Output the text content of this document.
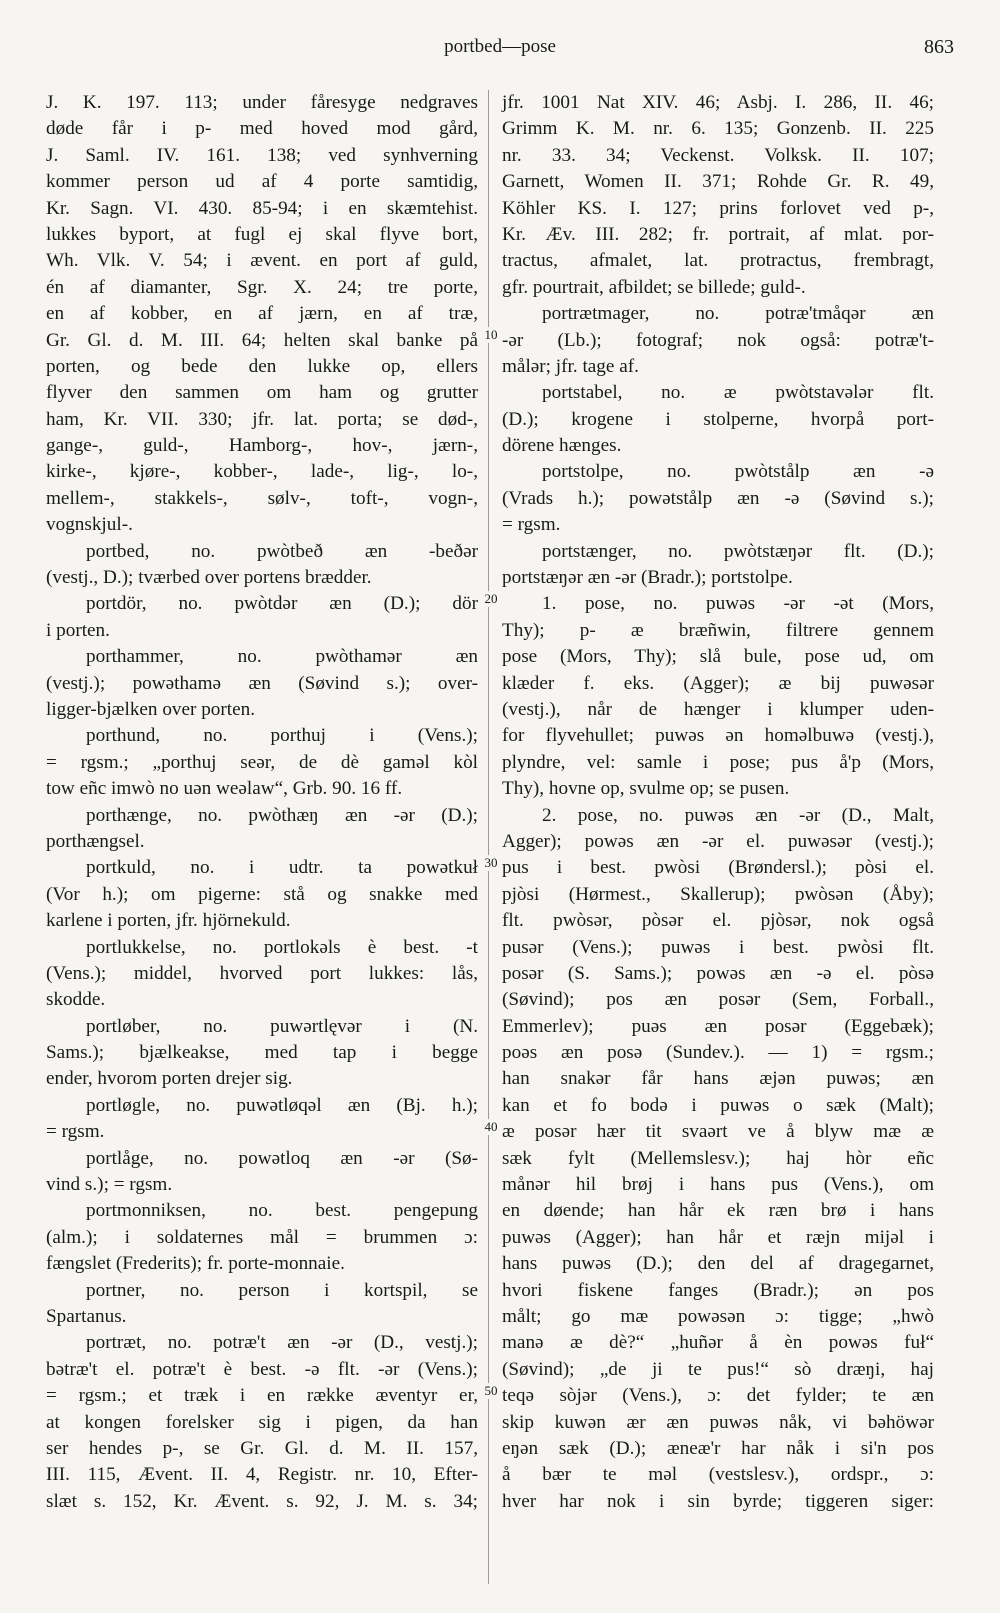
portbed—pose	863
J. K. 197. 113; under fåresyge nedgraves
døde får i p- med hoved mod gård,
J. Saml. IV. 161. 138; ved synhverning
kommer person ud af 4 porte samtidig,
Kr. Sagn. VI. 430. 85-94; i en skæmtehist.
lukkes byport, at fugl ej skal flyve bort,
Wh. Vlk. V. 54; i ævent. en port af guld,
én af diamanter, Sgr. X. 24; tre porte,
en af kobber, en af jærn, en af træ,
Gr. Gl. d. M. III. 64; helten skal banke på
porten, og bede den lukke op, ellers
flyver den sammen om ham og grutter
ham, Kr. VII. 330; jfr. lat. porta; se død-,
gange-, guld-, Hamborg-, hov-, jærn-,
kirke-, kjøre-, kobber-, lade-, lig-, lo-,
mellem-, stakkels-, sølv-, toft-, vogn-,
vognskjul-.
portbed, no. pwòtbeð æn -beðər
(vestj., D.); tværbed over portens brædder.
portdör, no. pwòtdər æn (D.); dör
i porten.
porthammer, no. pwòthamər æn
(vestj.); powəthamə æn (Søvind s.); over-
ligger-bjælken over porten.
porthund, no. porthuj i (Vens.);
= rgsm.; „porthuj seər, de dè gaməl kòl
tow eñc imwò no uən weəlaw“, Grb. 90. 16 ff.
porthænge, no. pwòthæŋ æn -ər (D.);
porthængsel.
portkuld, no. i udtr. ta powətkuł
(Vor h.); om pigerne: stå og snakke med
karlene i porten, jfr. hjörnekuld.
portlukkelse, no. portlokəls è best. -t
(Vens.); middel, hvorved port lukkes: lås,
skodde.
portløber, no. puwərtlęvər i (N.
Sams.); bjælkeakse, med tap i begge
ender, hvorom porten drejer sig.
portløgle, no. puwətløqəl æn (Bj. h.);
= rgsm.
portlåge, no. powətloq æn -ər (Sø-
vind s.); = rgsm.
portmonniksen, no. best. pengepung
(alm.); i soldaternes mål = brummen ɔ:
fængslet (Frederits); fr. porte-monnaie.
portner, no. person i kortspil, se
Spartanus.
portræt, no. potræ't æn -ər (D., vestj.);
bətræ't el. potræ't è best. -ə flt. -ər (Vens.);
= rgsm.; et træk i en række æventyr er,
at kongen forelsker sig i pigen, da han
ser hendes p-, se Gr. Gl. d. M. II. 157,
III. 115, Ævent. II. 4, Registr. nr. 10, Efter-
slæt s. 152, Kr. Ævent. s. 92, J. M. s. 34;
jfr. 1001 Nat XIV. 46; Asbj. I. 286, II. 46;
Grimm K. M. nr. 6. 135; Gonzenb. II. 225
nr. 33. 34; Veckenst. Volksk. II. 107;
Garnett, Women II. 371; Rohde Gr. R. 49,
Köhler KS. I. 127; prins forlovet ved p-,
Kr. Æv. III. 282; fr. portrait, af mlat. por-
tractus, afmalet, lat. protractus, frembragt,
gfr. pourtrait, afbildet; se billede; guld-.
portrætmager, no. potræ'tmåqər æn
-ər (Lb.); fotograf; nok også: potræ't-
målər; jfr. tage af.
portstabel, no. æ pwòtstavələr flt.
(D.); krogene i stolperne, hvorpå port-
dörene hænges.
portstolpe, no. pwòtstålp æn -ə
(Vrads h.); powətstålp æn -ə (Søvind s.);
= rgsm.
portstænger, no. pwòtstæŋər flt. (D.);
portstæŋər æn -ər (Bradr.); portstolpe.
1. pose, no. puwəs -ər -ət (Mors,
Thy); p- æ bræñwin, filtrere gennem
pose (Mors, Thy); slå bule, pose ud, om
klæder f. eks. (Agger); æ bij puwəsər
(vestj.), når de hænger i klumper uden-
for flyvehullet; puwəs ən homəlbuwə (vestj.),
plyndre, vel: samle i pose; pus å'p (Mors,
Thy), hovne op, svulme op; se pusen.
2. pose, no. puwəs æn -ər (D., Malt,
Agger); powəs æn -ər el. puwəsər (vestj.);
pus i best. pwòsi (Brøndersl.); pòsi el.
pjòsi (Hørmest., Skallerup); pwòsən (Åby);
flt. pwòsər, pòsər el. pjòsər, nok også
pusər (Vens.); puwəs i best. pwòsi flt.
posər (S. Sams.); powəs æn -ə el. pòsə
(Søvind); pos æn posər (Sem, Forball.,
Emmerlev); puəs æn posər (Eggebæk);
poəs æn posə (Sundev.). — 1) = rgsm.;
han snakər får hans æjən puwəs; æn
kan et fo bodə i puwəs o sæk (Malt);
æ posər hær tit svaərt ve å blyw mæ æ
sæk fylt (Mellemslesv.); haj hòr eñc
månər hil brøj i hans pus (Vens.), om
en døende; han hår ek ræn brø i hans
puwəs (Agger); han hår et ræjn mijəl i
hans puwəs (D.); den del af dragegarnet,
hvori fiskene fanges (Bradr.); ən pos
målt; go mæ powəsən ɔ: tigge; „hwò
manə æ dè?“ „huñər å èn powəs fuł“
(Søvind); „de ji te pus!“ sò dræŋi, haj
teqə sòjər (Vens.), ɔ: det fylder; te æn
skip kuwən ær æn puwəs nåk, vi bəhöwər
eŋən sæk (D.); æneæ'r har nåk i si'n pos
å bær te məl (vestslesv.), ordspr., ɔ:
hver har nok i sin byrde; tiggeren siger:
10
20
30
40
50
